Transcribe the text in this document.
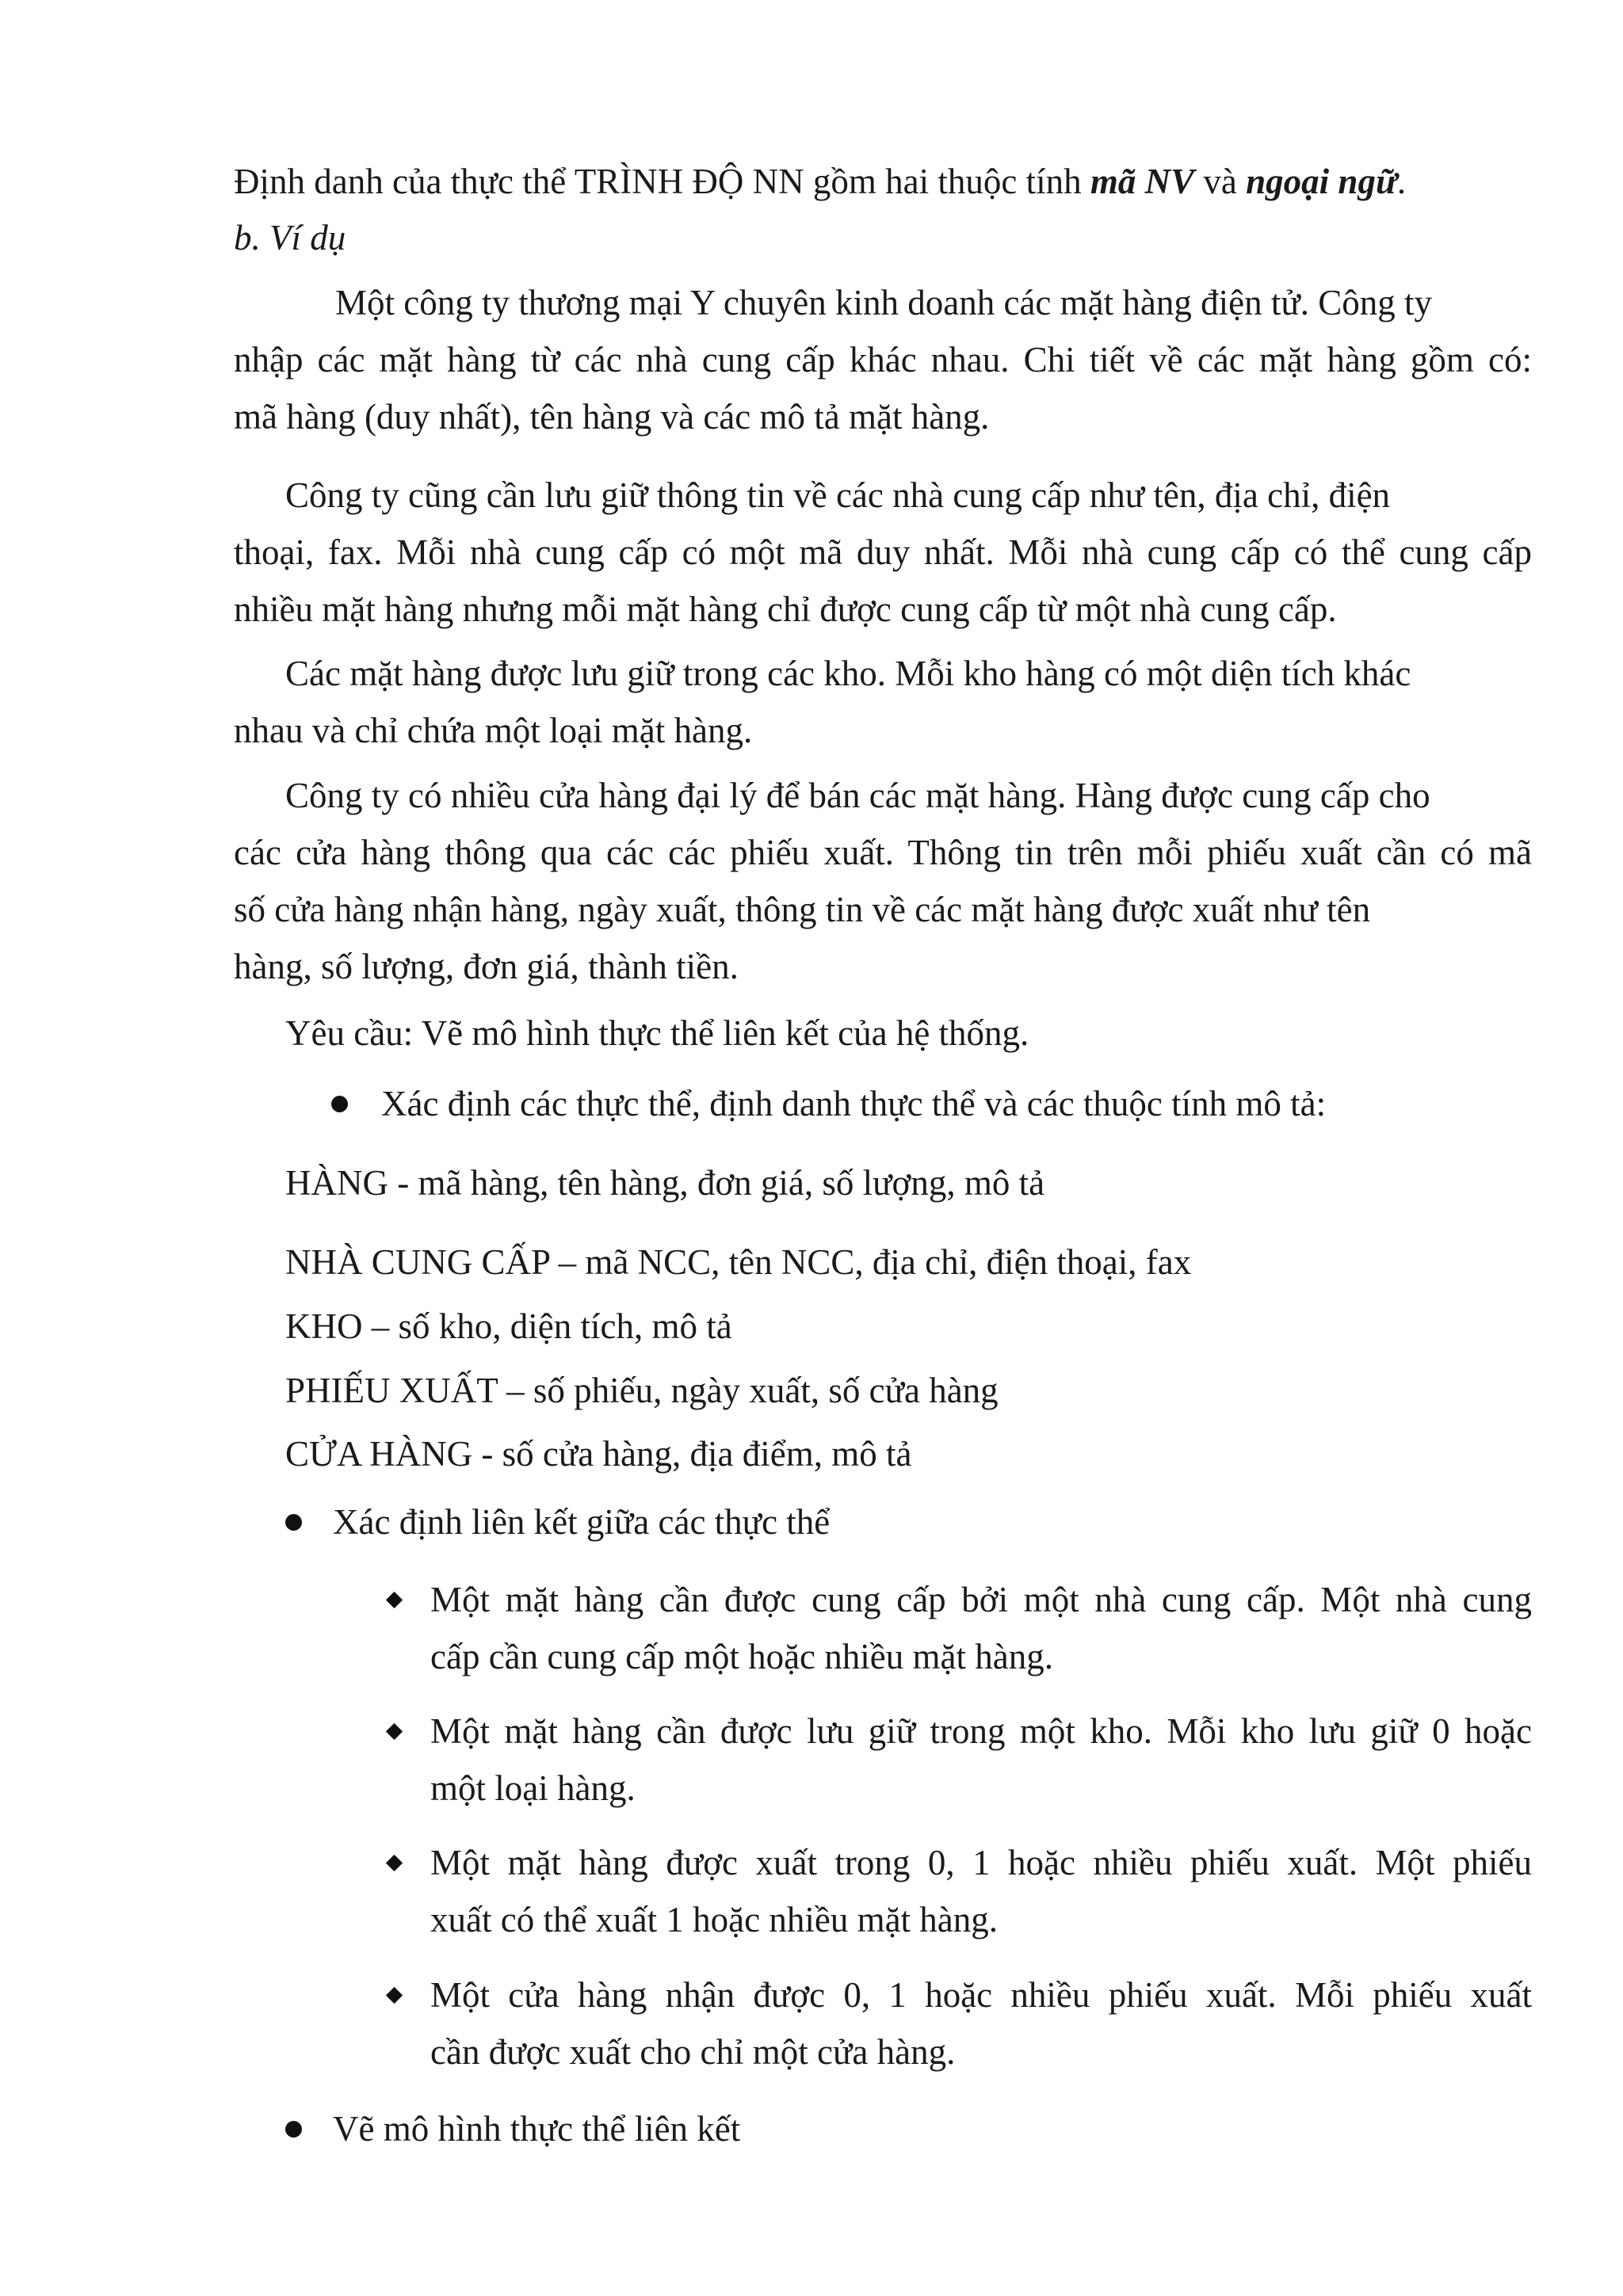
Định danh của thực thể TRÌNH ĐỘ NN gồm hai thuộc tính mã NV và ngoại ngữ.
b. Ví dụ
Một công ty thương mại Y chuyên kinh doanh các mặt hàng điện tử. Công ty
nhập các mặt hàng từ các nhà cung cấp khác nhau. Chi tiết về các mặt hàng gồm có:
mã hàng (duy nhất), tên hàng và các mô tả mặt hàng.
Công ty cũng cần lưu giữ thông tin về các nhà cung cấp như tên, địa chỉ, điện
thoại, fax. Mỗi nhà cung cấp có một mã duy nhất. Mỗi nhà cung cấp có thể cung cấp
nhiều mặt hàng nhưng mỗi mặt hàng chỉ được cung cấp từ một nhà cung cấp.
Các mặt hàng được lưu giữ trong các kho. Mỗi kho hàng có một diện tích khác
nhau và chỉ chứa một loại mặt hàng.
Công ty có nhiều cửa hàng đại lý để bán các mặt hàng. Hàng được cung cấp cho
các cửa hàng thông qua các các phiếu xuất. Thông tin trên mỗi phiếu xuất cần có mã
số cửa hàng nhận hàng, ngày xuất, thông tin về các mặt hàng được xuất như tên
hàng, số lượng, đơn giá, thành tiền.
Yêu cầu: Vẽ mô hình thực thể liên kết của hệ thống.
Xác định các thực thể, định danh thực thể và các thuộc tính mô tả:
HÀNG - mã hàng, tên hàng, đơn giá, số lượng, mô tả
NHÀ CUNG CẤP – mã NCC, tên NCC, địa chỉ, điện thoại, fax
KHO – số kho, diện tích, mô tả
PHIẾU XUẤT – số phiếu, ngày xuất, số cửa hàng
CỬA HÀNG - số cửa hàng, địa điểm, mô tả
Xác định liên kết giữa các thực thể
Một mặt hàng cần được cung cấp bởi một nhà cung cấp. Một nhà cung
cấp cần cung cấp một hoặc nhiều mặt hàng.
Một mặt hàng cần được lưu giữ trong một kho. Mỗi kho lưu giữ 0 hoặc
một loại hàng.
Một mặt hàng được xuất trong 0, 1 hoặc nhiều phiếu xuất. Một phiếu
xuất có thể xuất 1 hoặc nhiều mặt hàng.
Một cửa hàng nhận được 0, 1 hoặc nhiều phiếu xuất. Mỗi phiếu xuất
cần được xuất cho chỉ một cửa hàng.
Vẽ mô hình thực thể liên kết
